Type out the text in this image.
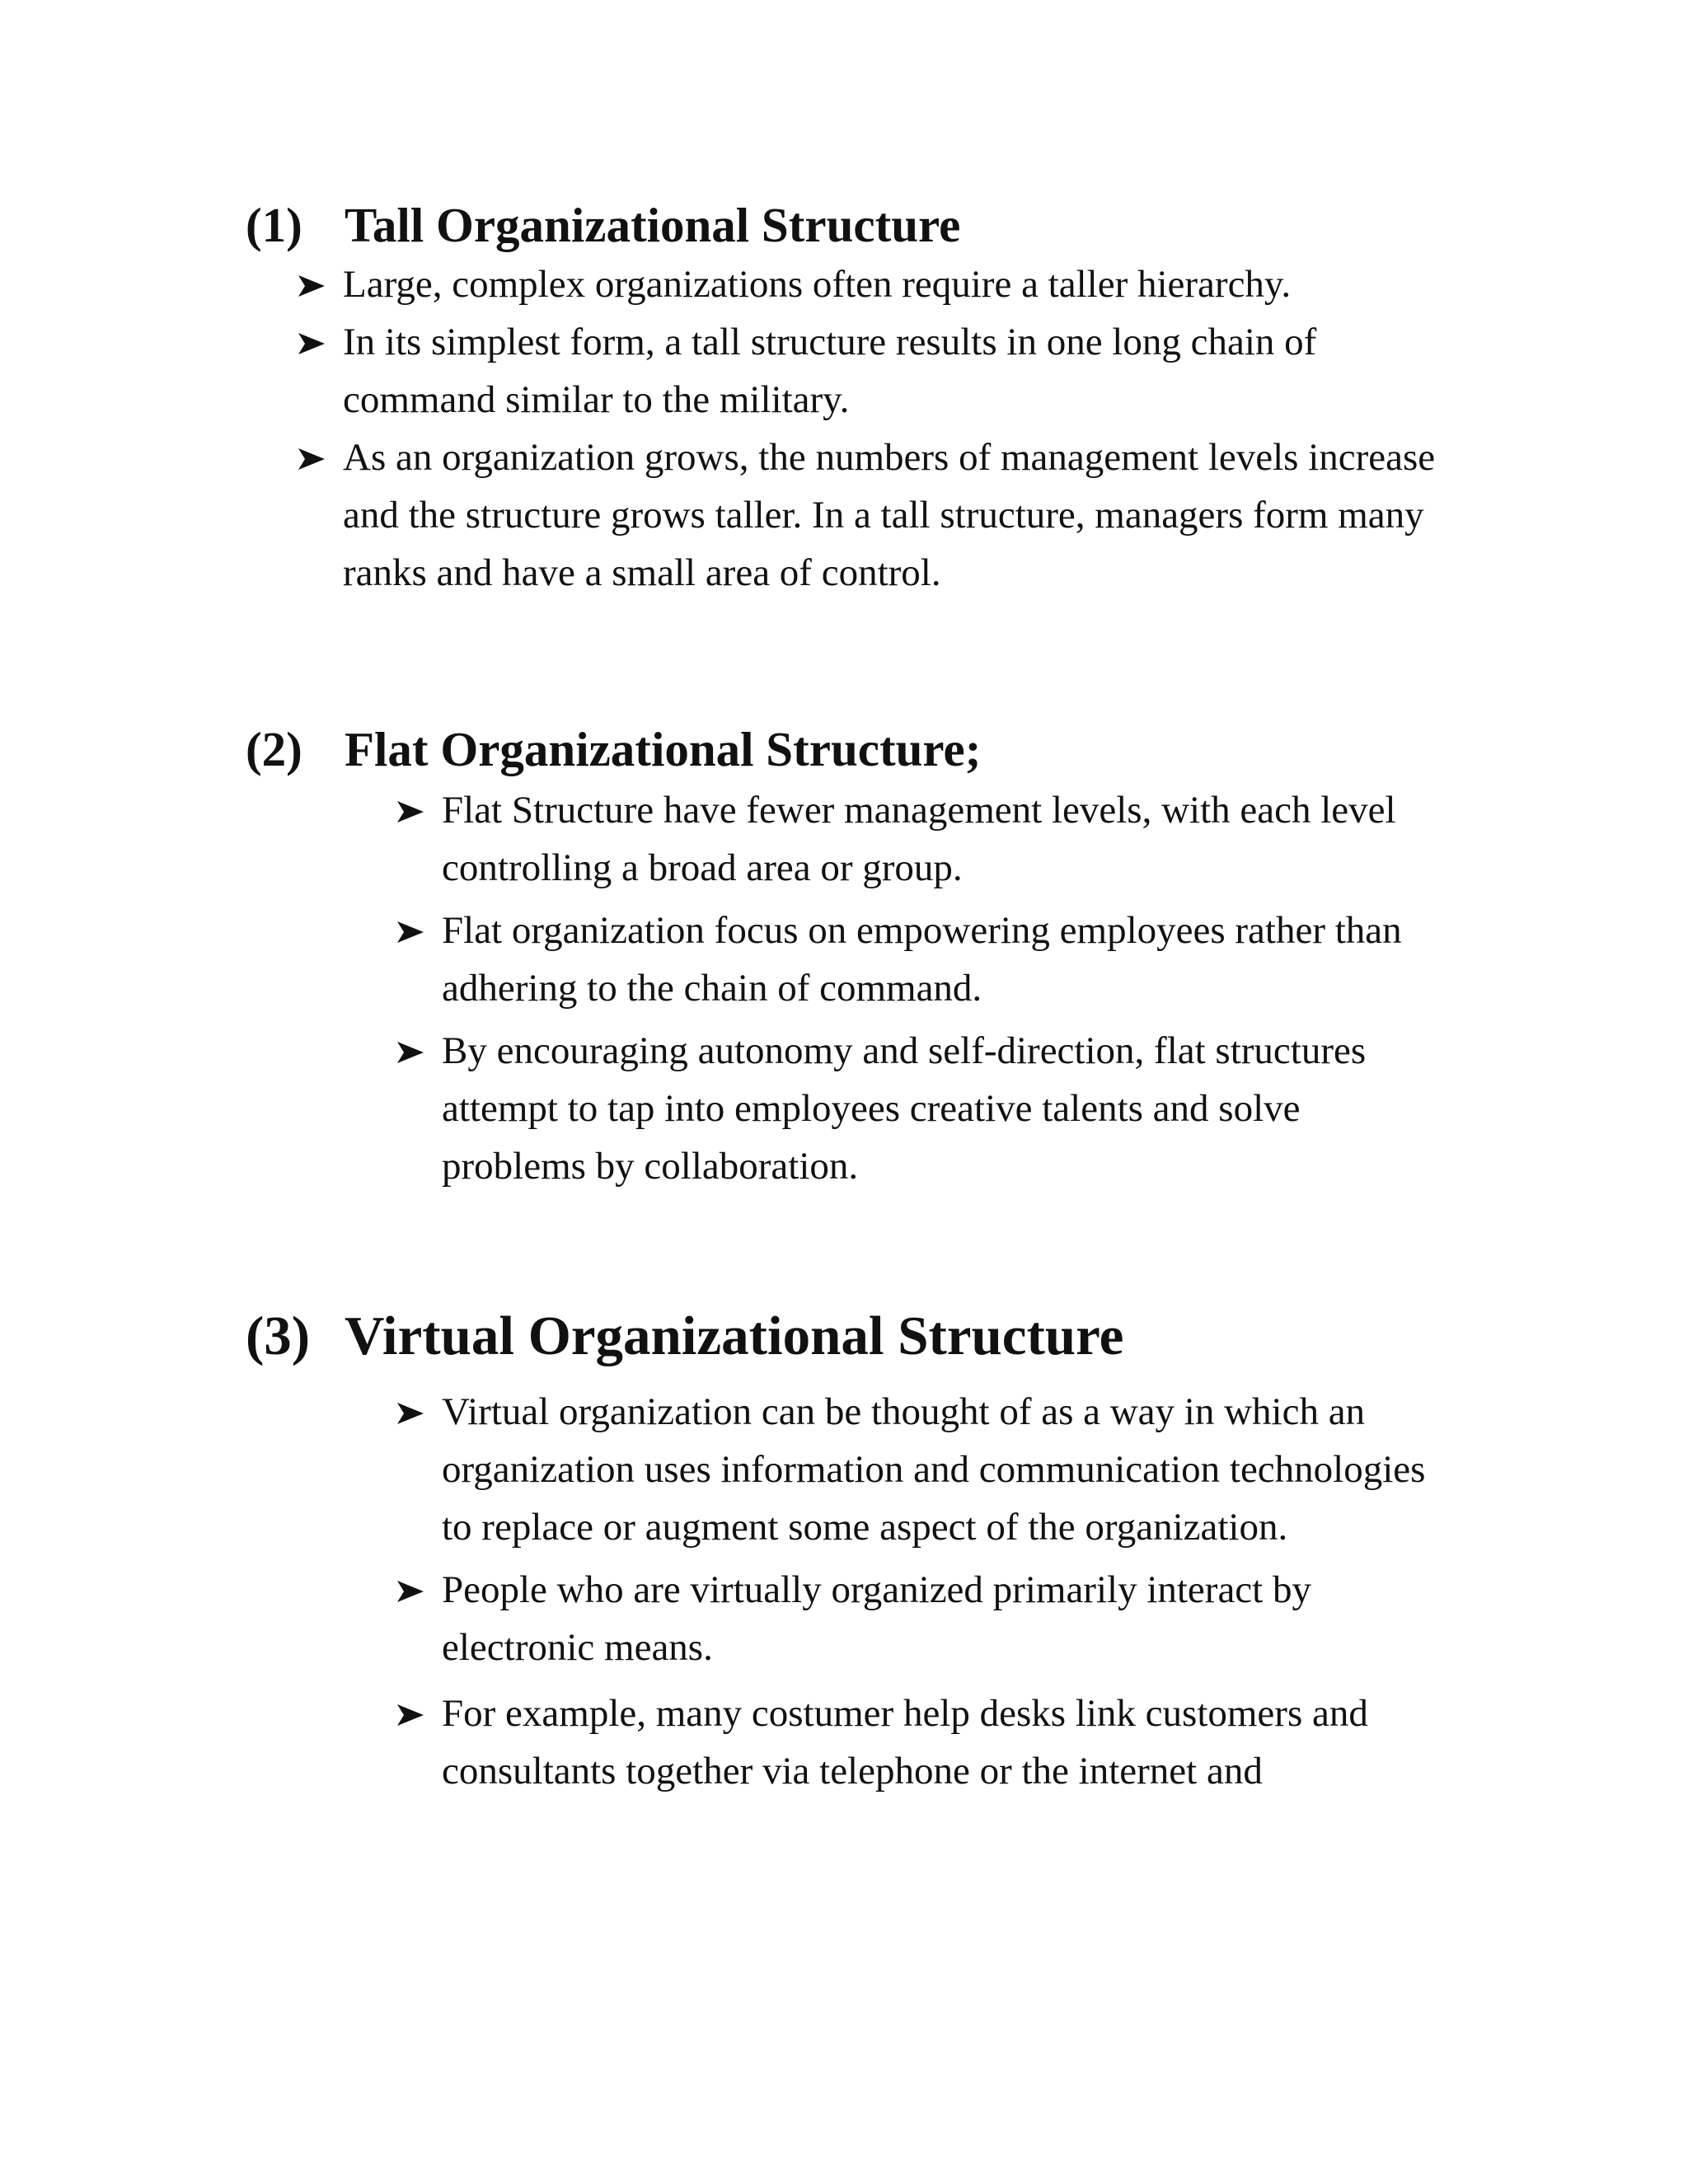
(1) Tall Organizational Structure
Large, complex organizations often require a taller hierarchy.
In its simplest form, a tall structure results in one long chain of command similar to the military.
As an organization grows, the numbers of management levels increase and the structure grows taller. In a tall structure, managers form many ranks and have a small area of control.
(2) Flat Organizational Structure;
Flat Structure have fewer management levels, with each level controlling a broad area or group.
Flat organization focus on empowering employees rather than adhering to the chain of command.
By encouraging autonomy and self-direction, flat structures attempt to tap into employees creative talents and solve problems by collaboration.
(3) Virtual Organizational Structure
Virtual organization can be thought of as a way in which an organization uses information and communication technologies to replace or augment some aspect of the organization.
People who are virtually organized primarily interact by electronic means.
For example, many costumer help desks link customers and consultants together via telephone or the internet and
